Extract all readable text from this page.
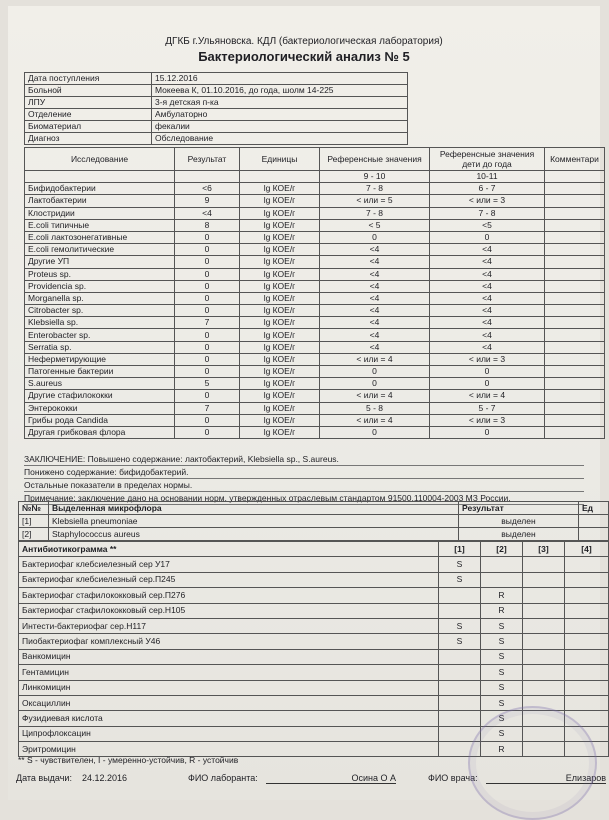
ДГКБ г.Ульяновска. КДЛ (бактериологическая лаборатория)
Бактериологический анализ № 5
Дата поступления	15.12.2016
Больной	Мокеева К, 01.10.2016, до года, шолм 14-225
ЛПУ	3-я детская п-ка
Отделение	Амбулаторно
Биоматериал	фекалии
Диагноз	Обследование
Исследование	Результат	Единицы	Референсные значения	Референсные значения дети до года	Комментари
			9 - 10	10-11	
Бифидобактерии	<6	lg КОЕ/г	7 - 8	6 - 7	
Лактобактерии	9	lg КОЕ/г	< или = 5	< или = 3	
Клостридии	<4	lg КОЕ/г	7 - 8	7 - 8	
E.coli типичные	8	lg КОЕ/г	< 5	<5	
E.coli лактозонегативные	0	lg КОЕ/г	0	0	
E.coli гемолитические	0	lg КОЕ/г	<4	<4	
Другие УП	0	lg КОЕ/г	<4	<4	
Proteus sp.	0	lg КОЕ/г	<4	<4	
Providencia sp.	0	lg КОЕ/г	<4	<4	
Morganella sp.	0	lg КОЕ/г	<4	<4	
Citrobacter sp.	0	lg КОЕ/г	<4	<4	
Klebsiella sp.	7	lg КОЕ/г	<4	<4	
Enterobacter sp.	0	lg КОЕ/г	<4	<4	
Serratia sp.	0	lg КОЕ/г	<4	<4	
Неферметирующие	0	lg КОЕ/г	< или = 4	< или = 3	
Патогенные бактерии	0	lg КОЕ/г	0	0	
S.aureus	5	lg КОЕ/г	0	0	
Другие стафилококки	0	lg КОЕ/г	< или = 4	< или = 4	
Энтерококки	7	lg КОЕ/г	5 - 8	5 - 7	
Грибы рода Candida	0	lg КОЕ/г	< или = 4	< или = 3	
Другая грибковая флора	0	lg КОЕ/г	0	0	
ЗАКЛЮЧЕНИЕ: Повышено содержание: лактобактерий, Klebsiella sp., S.aureus.
Понижено содержание: бифидобактерий.
Остальные показатели в пределах нормы.
Примечание: заключение дано на основании норм, утвержденных отраслевым стандартом 91500.110004-2003 МЗ России.
№№	Выделенная микрофлора	Результат	Ед
[1]	Klebsiella pneumoniae	выделен	
[2]	Staphylococcus aureus	выделен	
Антибиотикограмма **	[1]	[2]	[3]	[4]
Бактериофаг клебсиелезный сер У17	S			
Бактериофаг клебсиелезный сер.П245	S			
Бактериофаг стафилококковый сер.П276		R		
Бактериофаг стафилококковый сер.Н105		R		
Интести-бактериофаг сер.Н117	S	S		
Пиобактериофаг комплексный У46	S	S		
Ванкомицин		S		
Гентамицин		S		
Линкомицин		S		
Оксациллин		S		
Фузидиевая кислота		S		
Ципрофлоксацин		S		
Эритромицин		R		
** S - чувствителен, I - умеренно-устойчив, R - устойчив
Дата выдачи: 24.12.2016	ФИО лаборанта:	Осина О А	ФИО врача:	Елизаров
